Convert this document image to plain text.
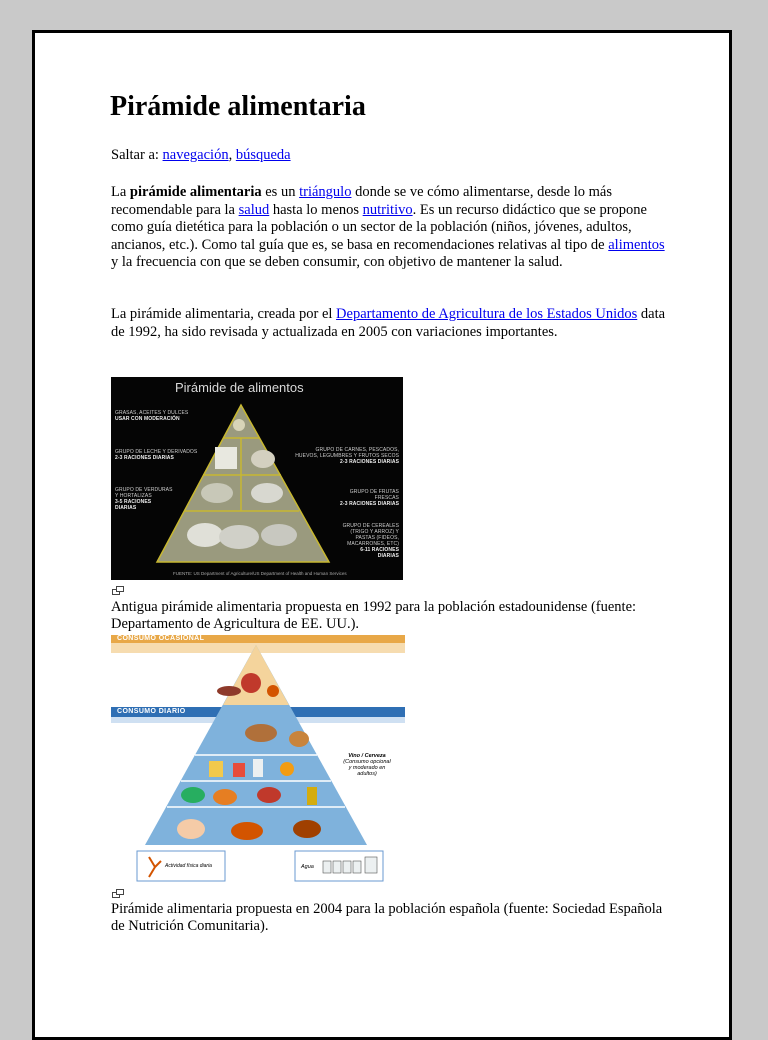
Pirámide alimentaria

Saltar a: navegación, búsqueda

La pirámide alimentaria es un triángulo donde se ve cómo alimentarse, desde lo más recomendable para la salud hasta lo menos nutritivo. Es un recurso didáctico que se propone como guía dietética para la población o un sector de la población (niños, jóvenes, adultos, ancianos, etc.). Como tal guía que es, se basa en recomendaciones relativas al tipo de alimentos y la frecuencia con que se deben consumir, con objetivo de mantener la salud.

La pirámide alimentaria, creada por el Departamento de Agricultura de los Estados Unidos data de 1992, ha sido revisada y actualizada en 2005 con variaciones importantes.

Pirámide de alimentos
GRASAS, ACEITES Y DULCES
USAR CON MODERACIÓN
GRUPO DE LECHE Y DERIVADOS
2-3 RACIONES DIARIAS
GRUPO DE CARNES, PESCADOS,
HUEVOS, LEGUMBRES Y FRUTOS SECOS
2-3 RACIONES DIARIAS
GRUPO DE VERDURAS
Y HORTALIZAS
3-5 RACIONES
DIARIAS
GRUPO DE FRUTAS
FRESCAS
2-3 RACIONES DIARIAS
GRUPO DE CEREALES
(TRIGO Y ARROZ) Y
PASTAS (FIDEOS,
MACARRONES, ETC)
6-11 RACIONES
DIARIAS
FUENTE: US Department of Agriculture/US Department of Health and Human Services

Antigua pirámide alimentaria propuesta en 1992 para la población estadounidense (fuente: Departamento de Agricultura de EE. UU.).

CONSUMO OCASIONAL
CONSUMO DIARIO
Vino / Cerveza
(Consumo opcional
y moderado en
adultos)
Actividad física diaria	Agua

Pirámide alimentaria propuesta en 2004 para la población española (fuente: Sociedad Española de Nutrición Comunitaria).
